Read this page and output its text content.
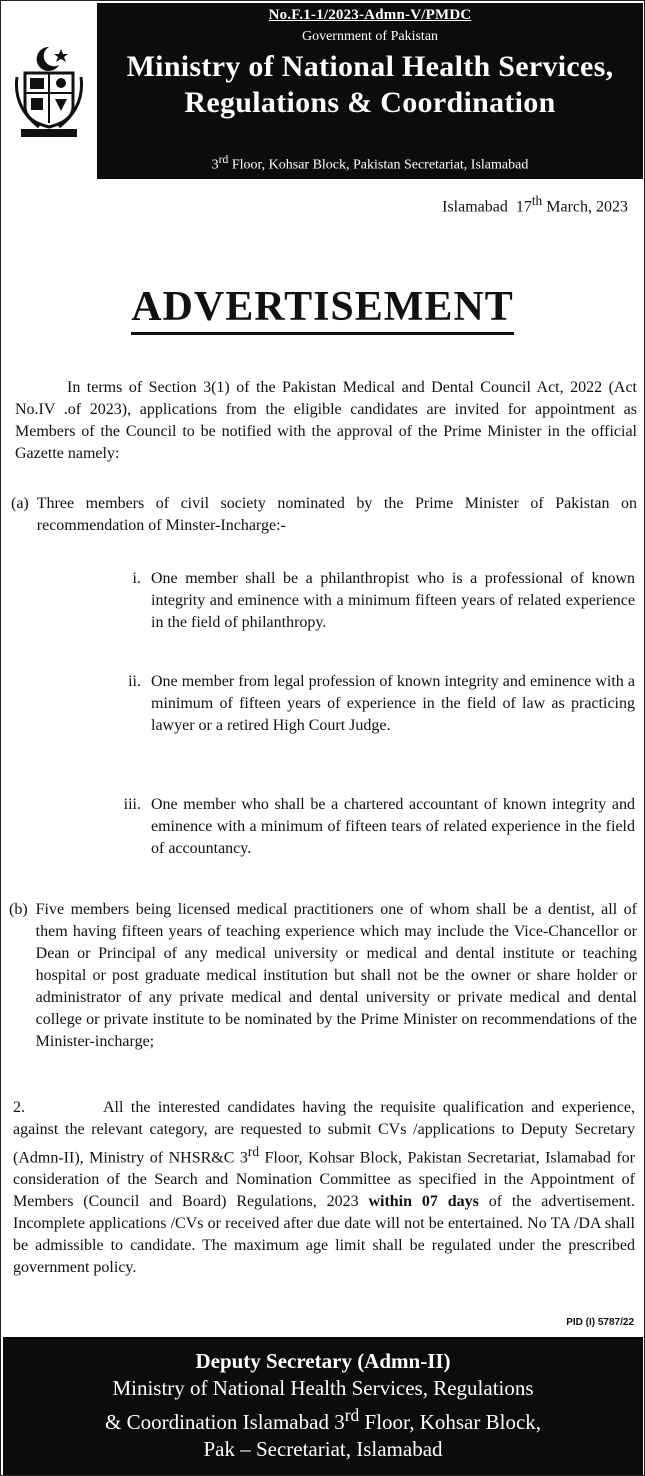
No.F.1-1/2023-Admn-V/PMDC
Government of Pakistan
Ministry of National Health Services,
Regulations & Coordination
3rd Floor, Kohsar Block, Pakistan Secretariat, Islamabad
Islamabad 17th March, 2023
ADVERTISEMENT
In terms of Section 3(1) of the Pakistan Medical and Dental Council Act, 2022 (Act No.IV .of 2023), applications from the eligible candidates are invited for appointment as Members of the Council to be notified with the approval of the Prime Minister in the official Gazette namely:
(a) Three members of civil society nominated by the Prime Minister of Pakistan on recommendation of Minster-Incharge:-
i. One member shall be a philanthropist who is a professional of known integrity and eminence with a minimum fifteen years of related experience in the field of philanthropy.
ii. One member from legal profession of known integrity and eminence with a minimum of fifteen years of experience in the field of law as practicing lawyer or a retired High Court Judge.
iii. One member who shall be a chartered accountant of known integrity and eminence with a minimum of fifteen tears of related experience in the field of accountancy.
(b) Five members being licensed medical practitioners one of whom shall be a dentist, all of them having fifteen years of teaching experience which may include the Vice-Chancellor or Dean or Principal of any medical university or medical and dental institute or teaching hospital or post graduate medical institution but shall not be the owner or share holder or administrator of any private medical and dental university or private medical and dental college or private institute to be nominated by the Prime Minister on recommendations of the Minister-incharge;
2.	All the interested candidates having the requisite qualification and experience, against the relevant category, are requested to submit CVs /applications to Deputy Secretary (Admn-II), Ministry of NHSR&C 3rd Floor, Kohsar Block, Pakistan Secretariat, Islamabad for consideration of the Search and Nomination Committee as specified in the Appointment of Members (Council and Board) Regulations, 2023 within 07 days of the advertisement. Incomplete applications /CVs or received after due date will not be entertained. No TA /DA shall be admissible to candidate. The maximum age limit shall be regulated under the prescribed government policy.
PID (I) 5787/22
Deputy Secretary (Admn-II)
Ministry of National Health Services, Regulations
& Coordination Islamabad 3rd Floor, Kohsar Block,
Pak – Secretariat, Islamabad
